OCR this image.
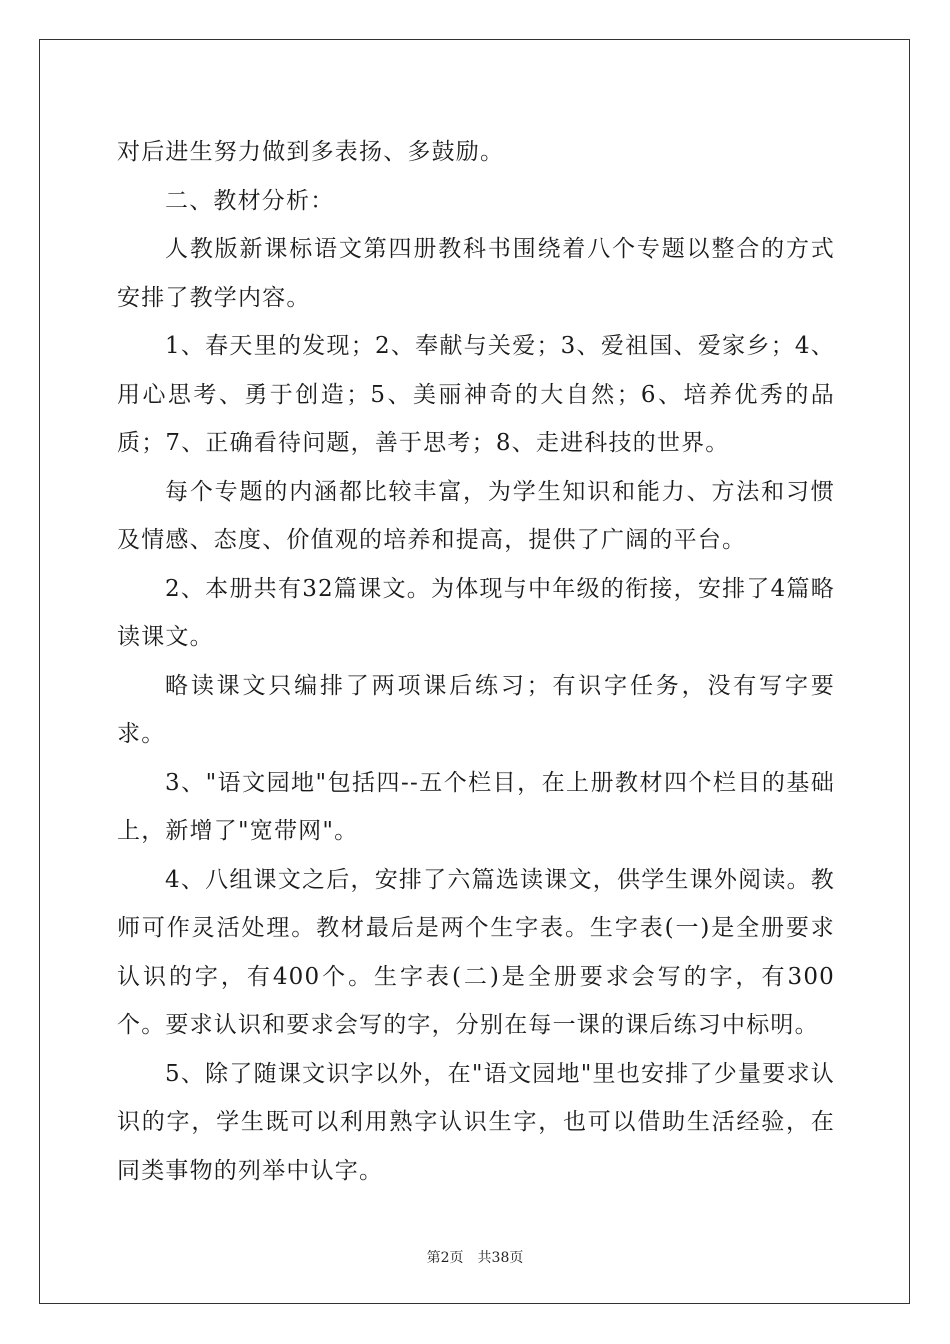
对后进生努力做到多表扬、多鼓励。

二、教材分析：

人教版新课标语文第四册教科书围绕着八个专题以整合的方式安排了教学内容。

1、春天里的发现；2、奉献与关爱；3、爱祖国、爱家乡；4、用心思考、勇于创造；5、美丽神奇的大自然；6、培养优秀的品质；7、正确看待问题，善于思考；8、走进科技的世界。

每个专题的内涵都比较丰富，为学生知识和能力、方法和习惯及情感、态度、价值观的培养和提高，提供了广阔的平台。

2、本册共有32篇课文。为体现与中年级的衔接，安排了4篇略读课文。

略读课文只编排了两项课后练习；有识字任务，没有写字要求。

3、"语文园地"包括四--五个栏目，在上册教材四个栏目的基础上，新增了"宽带网"。

4、八组课文之后，安排了六篇选读课文，供学生课外阅读。教师可作灵活处理。教材最后是两个生字表。生字表(一)是全册要求认识的字，有400个。生字表(二)是全册要求会写的字，有300个。要求认识和要求会写的字，分别在每一课的课后练习中标明。

5、除了随课文识字以外，在"语文园地"里也安排了少量要求认识的字，学生既可以利用熟字认识生字，也可以借助生活经验，在同类事物的列举中认字。

第2页　共38页
